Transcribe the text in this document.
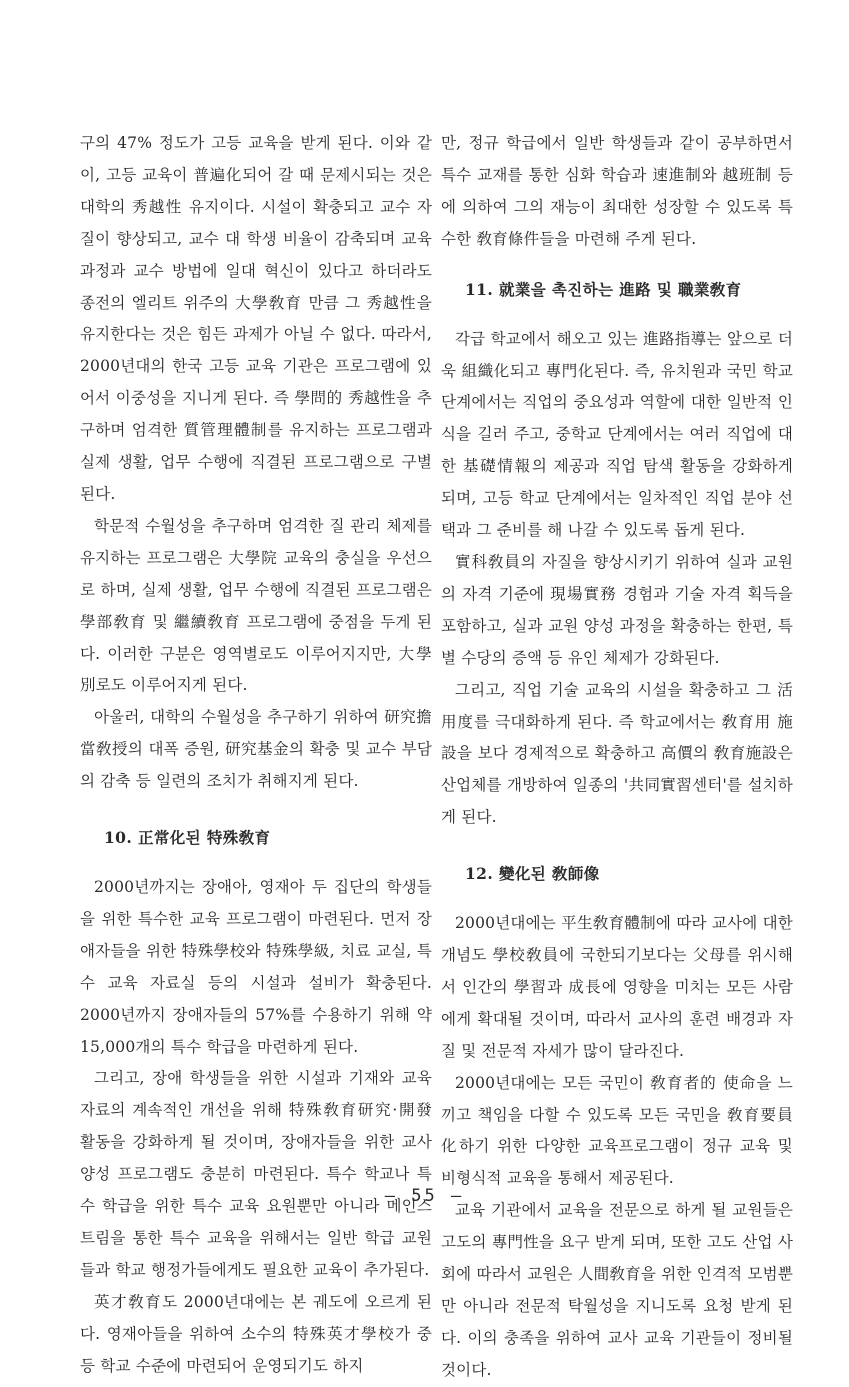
구의 47% 정도가 고등 교육을 받게 된다. 이와 같이, 고등 교육이 普遍化되어 갈 때 문제시되는 것은 대학의 秀越性 유지이다. 시설이 확충되고 교수 자질이 향상되고, 교수 대 학생 비율이 감축되며 교육 과정과 교수 방법에 일대 혁신이 있다고 하더라도 종전의 엘리트 위주의 大學敎育 만큼 그 秀越性을 유지한다는 것은 힘든 과제가 아닐 수 없다. 따라서, 2000년대의 한국 고등 교육 기관은 프로그램에 있어서 이중성을 지니게 된다. 즉 學問的 秀越性을 추구하며 엄격한 質管理體制를 유지하는 프로그램과 실제 생활, 업무 수행에 직결된 프로그램으로 구별된다.

학문적 수월성을 추구하며 엄격한 질 관리 체제를 유지하는 프로그램은 大學院 교육의 충실을 우선으로 하며, 실제 생활, 업무 수행에 직결된 프로그램은 學部敎育 및 繼續敎育 프로그램에 중점을 두게 된다. 이러한 구분은 영역별로도 이루어지지만, 大學別로도 이루어지게 된다.

아울러, 대학의 수월성을 추구하기 위하여 研究擔當敎授의 대폭 증원, 研究基金의 확충 및 교수 부담의 감축 등 일련의 조치가 취해지게 된다.

10. 正常化된 特殊敎育

2000년까지는 장애아, 영재아 두 집단의 학생들을 위한 특수한 교육 프로그램이 마련된다. 먼저 장애자들을 위한 特殊學校와 特殊學級, 치료 교실, 특수 교육 자료실 등의 시설과 설비가 확충된다. 2000년까지 장애자들의 57%를 수용하기 위해 약 15,000개의 특수 학급을 마련하게 된다.

그리고, 장애 학생들을 위한 시설과 기재와 교육 자료의 계속적인 개선을 위해 特殊敎育研究·開發 활동을 강화하게 될 것이며, 장애자들을 위한 교사 양성 프로그램도 충분히 마련된다. 특수 학교나 특수 학급을 위한 특수 교육 요원뿐만 아니라 메인스트림을 통한 특수 교육을 위해서는 일반 학급 교원들과 학교 행정가들에게도 필요한 교육이 추가된다.

英才敎育도 2000년대에는 본 궤도에 오르게 된다. 영재아들을 위하여 소수의 特殊英才學校가 중등 학교 수준에 마련되어 운영되기도 하지

만, 정규 학급에서 일반 학생들과 같이 공부하면서 특수 교재를 통한 심화 학습과 速進制와 越班制 등에 의하여 그의 재능이 최대한 성장할 수 있도록 특수한 敎育條件들을 마련해 주게 된다.

11. 就業을 촉진하는 進路 및 職業敎育

각급 학교에서 해오고 있는 進路指導는 앞으로 더욱 組織化되고 專門化된다. 즉, 유치원과 국민 학교 단계에서는 직업의 중요성과 역할에 대한 일반적 인식을 길러 주고, 중학교 단계에서는 여러 직업에 대한 基礎情報의 제공과 직업 탐색 활동을 강화하게 되며, 고등 학교 단계에서는 일차적인 직업 분야 선택과 그 준비를 해 나갈 수 있도록 돕게 된다.

實科敎員의 자질을 향상시키기 위하여 실과 교원의 자격 기준에 現場實務 경험과 기술 자격 획득을 포함하고, 실과 교원 양성 과정을 확충하는 한편, 특별 수당의 증액 등 유인 체제가 강화된다.

그리고, 직업 기술 교육의 시설을 확충하고 그 活用度를 극대화하게 된다. 즉 학교에서는 敎育用 施設을 보다 경제적으로 확충하고 高價의 敎育施設은 산업체를 개방하여 일종의 '共同實習센터'를 설치하게 된다.

12. 變化된 敎師像

2000년대에는 平生敎育體制에 따라 교사에 대한 개념도 學校敎員에 국한되기보다는 父母를 위시해서 인간의 學習과 成長에 영향을 미치는 모든 사람에게 확대될 것이며, 따라서 교사의 훈련 배경과 자질 및 전문적 자세가 많이 달라진다.

2000년대에는 모든 국민이 敎育者的 使命을 느끼고 책임을 다할 수 있도록 모든 국민을 敎育要員化하기 위한 다양한 교육프로그램이 정규 교육 및 비형식적 교육을 통해서 제공된다.

교육 기관에서 교육을 전문으로 하게 될 교원들은 고도의 專門性을 요구 받게 되며, 또한 고도 산업 사회에 따라서 교원은 人間敎育을 위한 인격적 모범뿐만 아니라 전문적 탁월성을 지니도록 요청 받게 된다. 이의 충족을 위하여 교사 교육 기관들이 정비될 것이다.

— 55 —
